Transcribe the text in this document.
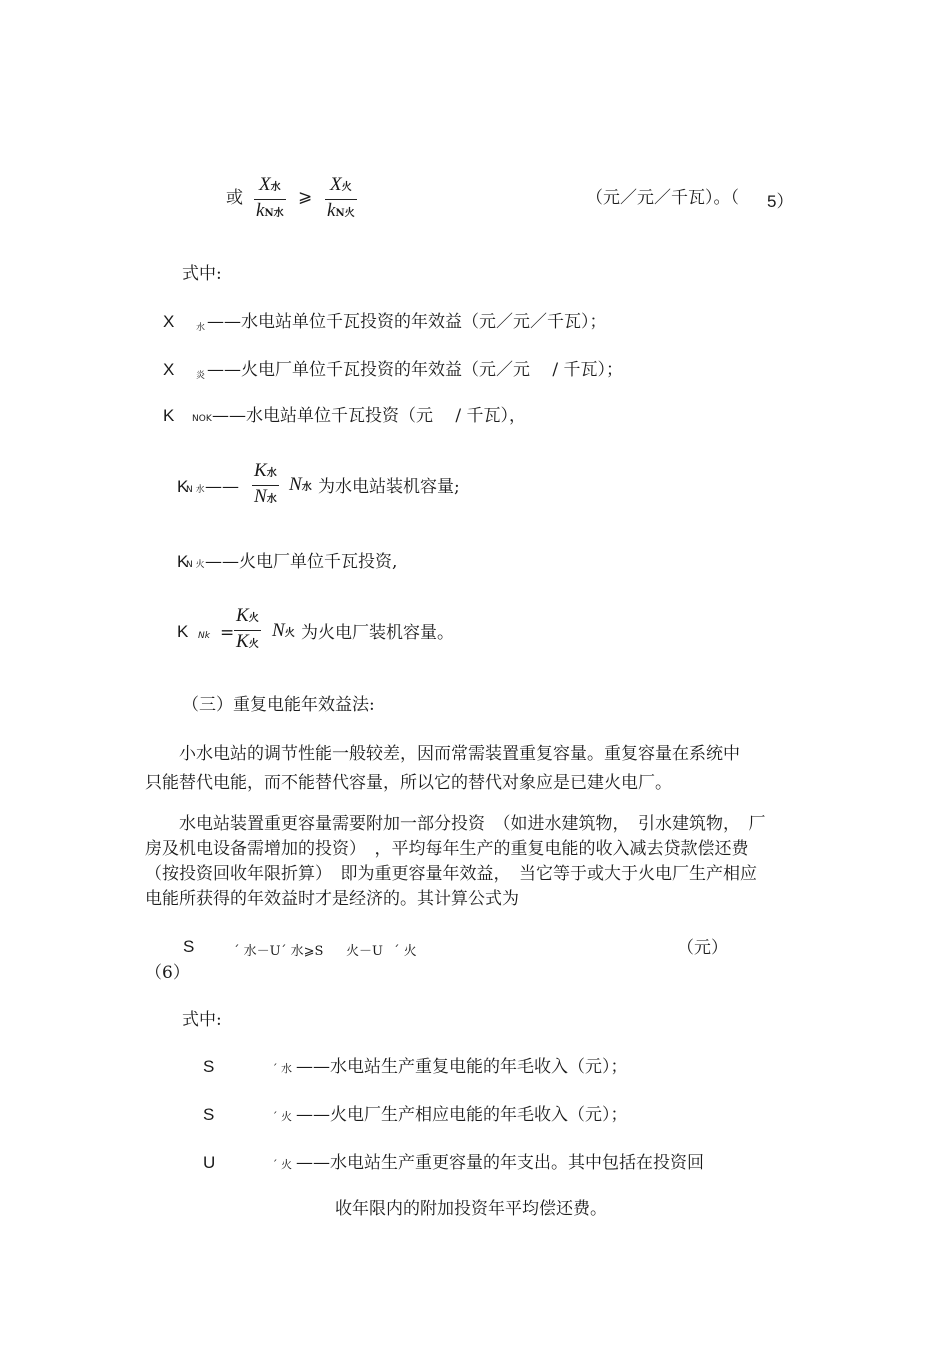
或
X水
kN水
⩾
X火
kN火
（元／元／千瓦）。（ 5）
式中:
X 水 ——水电站单位千瓦投资的年效益（元／元／千瓦）；
X 炎 ——火电厂单位千瓦投资的年效益（元／元　 / 千瓦）；
K NOK ——水电站单位千瓦投资（元　 / 千瓦），
K
N 水 ——
K水
N水
N水 为水电站装机容量;
K
N 火 ——火电厂单位千瓦投资,
K Nk =
K火
K火
N火 为火电厂装机容量。
（三）重复电能年效益法:
　　小水电站的调节性能一般较差，因而常需装置重复容量。重复容量在系统中
只能替代电能，而不能替代容量，所以它的替代对象应是已建火电厂。
　　水电站装置重更容量需要附加一部分投资　（如进水建筑物，　引水建筑物，　厂
房及机电设备需增加的投资）　，平均每年生产的重复电能的收入减去贷款偿还费
（按投资回收年限折算）　即为重更容量年效益，　当它等于或大于火电厂生产相应
电能所获得的年效益时才是经济的。其计算公式为
S	ˊ 水－U ˊ 水⩾S 火－U ˊ 火	（元）
（6）
式中:
S	ˊ 水 ——水电站生产重复电能的年毛收入（元）；
S	ˊ 火 ——火电厂生产相应电能的年毛收入（元）；
U	ˊ 火 ——水电站生产重更容量的年支出。其中包括在投资回
收年限内的附加投资年平均偿还费。
